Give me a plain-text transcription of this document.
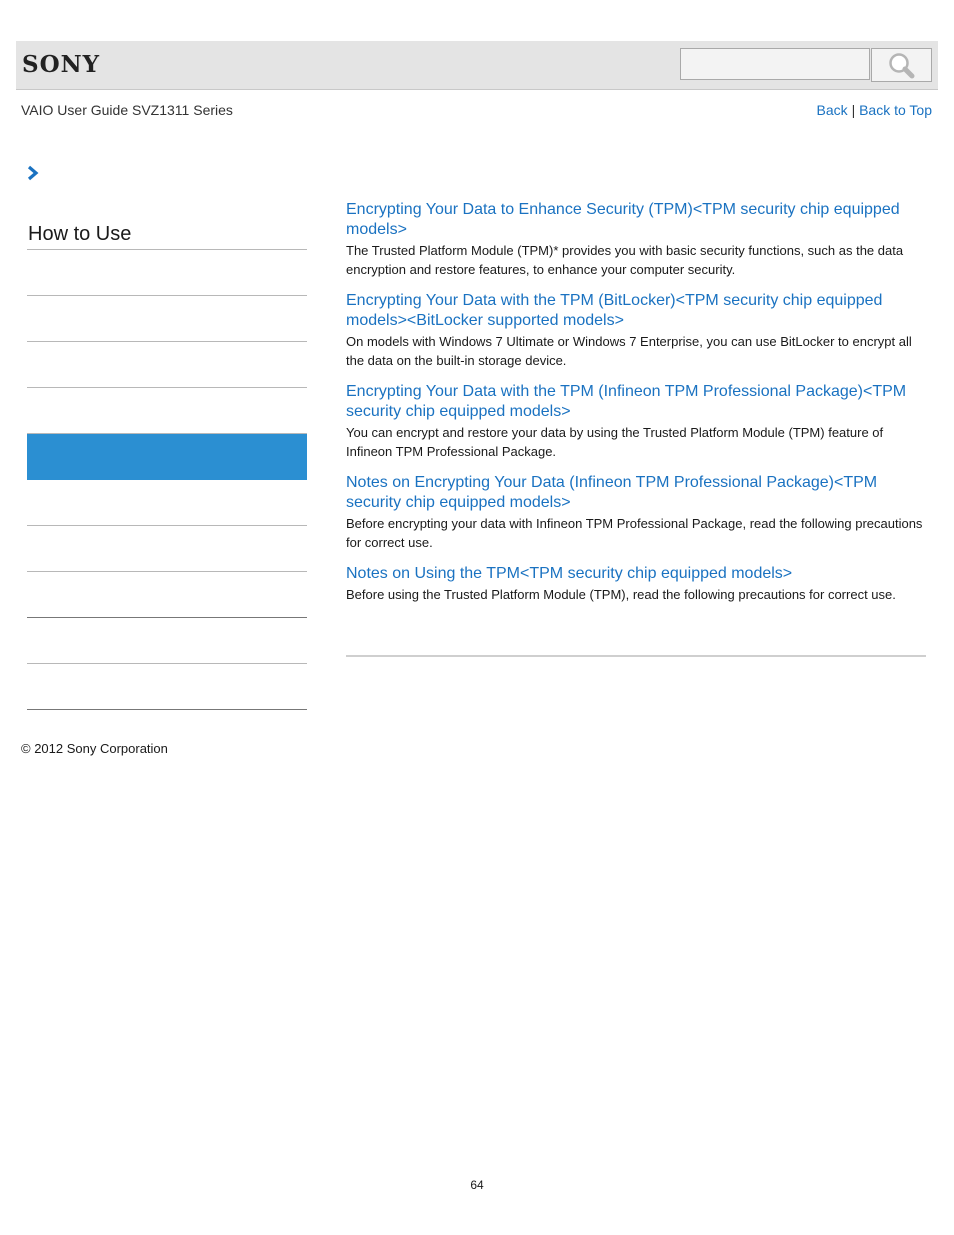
SONY
VAIO User Guide SVZ1311 Series	Back | Back to Top
How to Use
Encrypting Your Data to Enhance Security (TPM)<TPM security chip equipped models>

The Trusted Platform Module (TPM)* provides you with basic security functions, such as the data encryption and restore features, to enhance your computer security.

Encrypting Your Data with the TPM (BitLocker)<TPM security chip equipped models><BitLocker supported models>

On models with Windows 7 Ultimate or Windows 7 Enterprise, you can use BitLocker to encrypt all the data on the built-in storage device.

Encrypting Your Data with the TPM (Infineon TPM Professional Package)<TPM security chip equipped models>

You can encrypt and restore your data by using the Trusted Platform Module (TPM) feature of Infineon TPM Professional Package.

Notes on Encrypting Your Data (Infineon TPM Professional Package)<TPM security chip equipped models>

Before encrypting your data with Infineon TPM Professional Package, read the following precautions for correct use.

Notes on Using the TPM<TPM security chip equipped models>

Before using the Trusted Platform Module (TPM), read the following precautions for correct use.

© 2012 Sony Corporation
64
